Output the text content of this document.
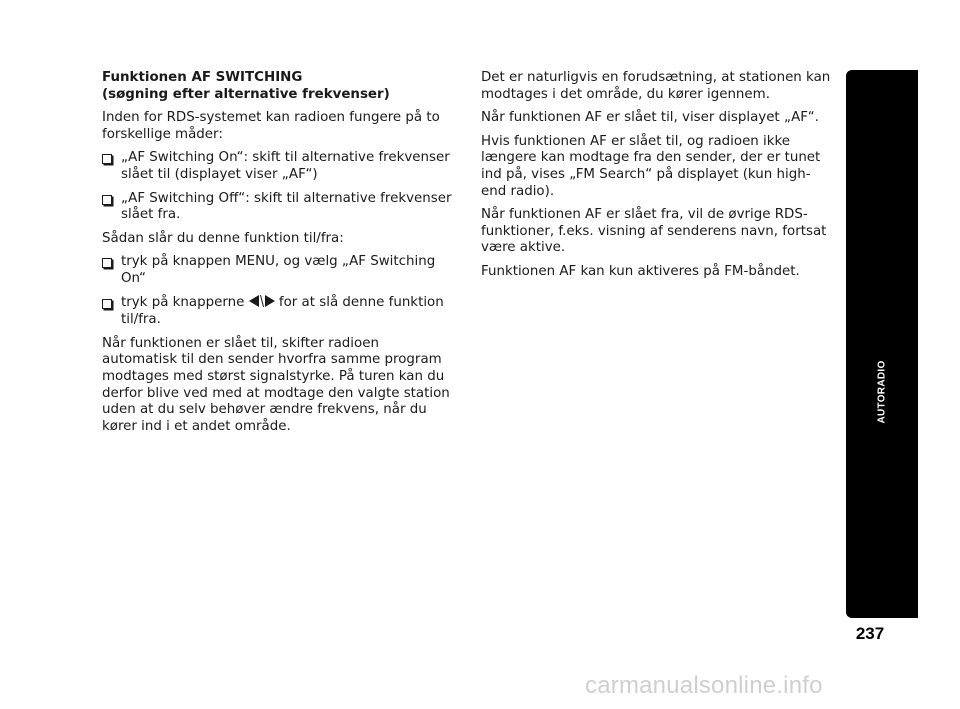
Funktionen AF SWITCHING
(søgning efter alternative frekvenser)

Inden for RDS-systemet kan radioen fungere på to forskellige måder:

„AF Switching On“: skift til alternative frekvenser slået til (displayet viser „AF“)
„AF Switching Off“: skift til alternative frekvenser slået fra.

Sådan slår du denne funktion til/fra:

tryk på knappen MENU, og vælg „AF Switching On“
tryk på knapperne	for at slå denne funktion til/fra.

Når funktionen er slået til, skifter radioen automatisk til den sender hvorfra samme program modtages med størst signalstyrke. På turen kan du derfor blive ved med at modtage den valgte station uden at du selv behøver ændre frekvens, når du kører ind i et andet område.

Det er naturligvis en forudsætning, at stationen kan modtages i det område, du kører igennem.

Når funktionen AF er slået til, viser displayet „AF“.

Hvis funktionen AF er slået til, og radioen ikke længere kan modtage fra den sender, der er tunet ind på, vises „FM Search“ på displayet (kun high-end radio).

Når funktionen AF er slået fra, vil de øvrige RDS-funktioner, f.eks. visning af senderens navn, fortsat være aktive.

Funktionen AF kan kun aktiveres på FM-båndet.

AUTORADIO
237
carmanualsonline.info
